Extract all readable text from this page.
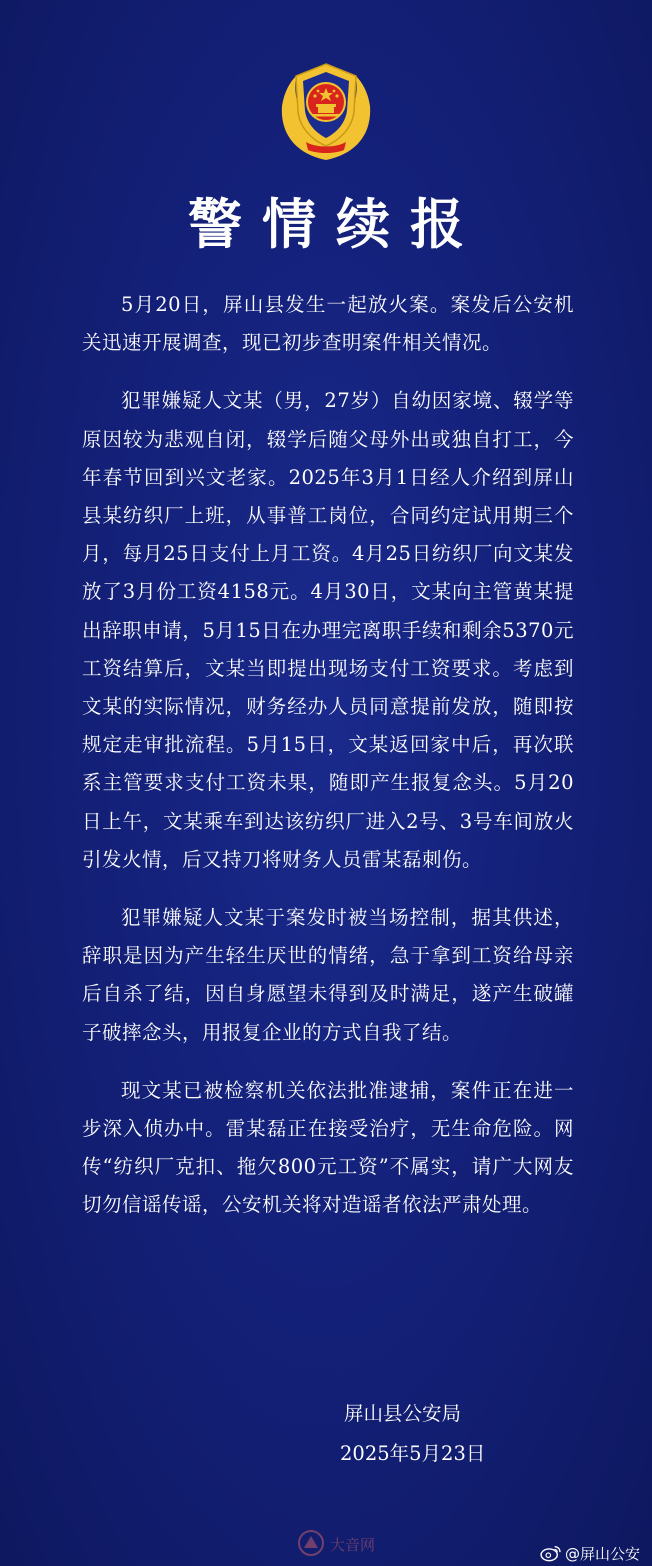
警情续报

5月20日，屏山县发生一起放火案。案发后公安机关迅速开展调查，现已初步查明案件相关情况。

犯罪嫌疑人文某（男，27岁）自幼因家境、辍学等原因较为悲观自闭，辍学后随父母外出或独自打工，今年春节回到兴文老家。2025年3月1日经人介绍到屏山县某纺织厂上班，从事普工岗位，合同约定试用期三个月，每月25日支付上月工资。4月25日纺织厂向文某发放了3月份工资4158元。4月30日，文某向主管黄某提出辞职申请，5月15日在办理完离职手续和剩余5370元工资结算后，文某当即提出现场支付工资要求。考虑到文某的实际情况，财务经办人员同意提前发放，随即按规定走审批流程。5月15日，文某返回家中后，再次联系主管要求支付工资未果，随即产生报复念头。5月20日上午，文某乘车到达该纺织厂进入2号、3号车间放火引发火情，后又持刀将财务人员雷某磊刺伤。

犯罪嫌疑人文某于案发时被当场控制，据其供述，辞职是因为产生轻生厌世的情绪，急于拿到工资给母亲后自杀了结，因自身愿望未得到及时满足，遂产生破罐子破摔念头，用报复企业的方式自我了结。

现文某已被检察机关依法批准逮捕，案件正在进一步深入侦办中。雷某磊正在接受治疗，无生命危险。网传“纺织厂克扣、拖欠800元工资”不属实，请广大网友切勿信谣传谣，公安机关将对造谣者依法严肃处理。

屏山县公安局
2025年5月23日
大音网	@屏山公安
